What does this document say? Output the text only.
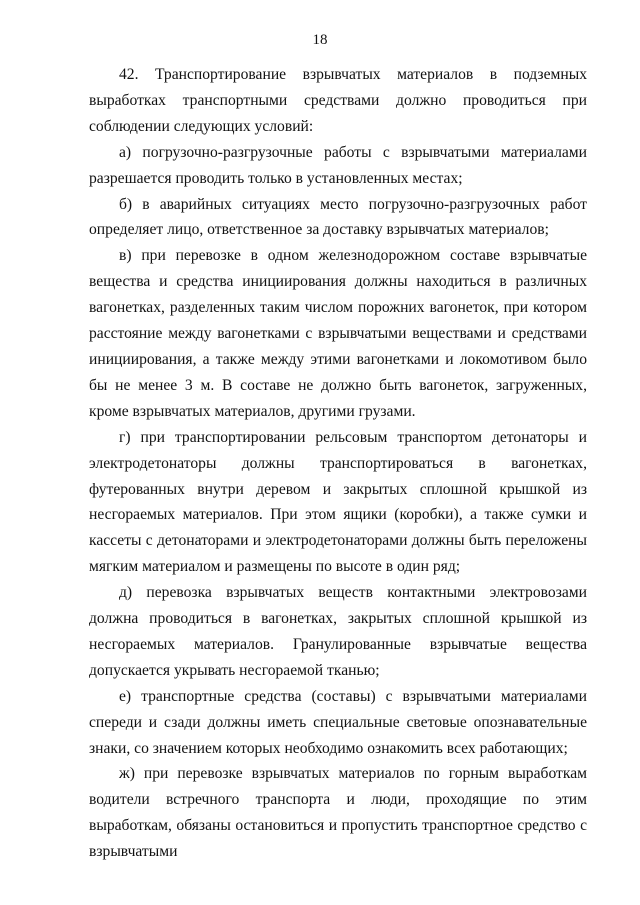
18

42. Транспортирование взрывчатых материалов в подземных выработках транспортными средствами должно проводиться при соблюдении следующих условий:

а) погрузочно-разгрузочные работы с взрывчатыми материалами разрешается проводить только в установленных местах;

б) в аварийных ситуациях место погрузочно-разгрузочных работ определяет лицо, ответственное за доставку взрывчатых материалов;

в) при перевозке в одном железнодорожном составе взрывчатые вещества и средства инициирования должны находиться в различных вагонетках, разделенных таким числом порожних вагонеток, при котором расстояние между вагонетками с взрывчатыми веществами и средствами инициирования, а также между этими вагонетками и локомотивом было бы не менее 3 м. В составе не должно быть вагонеток, загруженных, кроме взрывчатых материалов, другими грузами.

г) при транспортировании рельсовым транспортом детонаторы и электродетонаторы должны транспортироваться в вагонетках, футерованных внутри деревом и закрытых сплошной крышкой из несгораемых материалов. При этом ящики (коробки), а также сумки и кассеты с детонаторами и электродетонаторами должны быть переложены мягким материалом и размещены по высоте в один ряд;

д) перевозка взрывчатых веществ контактными электровозами должна проводиться в вагонетках, закрытых сплошной крышкой из несгораемых материалов. Гранулированные взрывчатые вещества допускается укрывать несгораемой тканью;

е) транспортные средства (составы) с взрывчатыми материалами спереди и сзади должны иметь специальные световые опознавательные знаки, со значением которых необходимо ознакомить всех работающих;

ж) при перевозке взрывчатых материалов по горным выработкам водители встречного транспорта и люди, проходящие по этим выработкам, обязаны остановиться и пропустить транспортное средство с взрывчатыми
